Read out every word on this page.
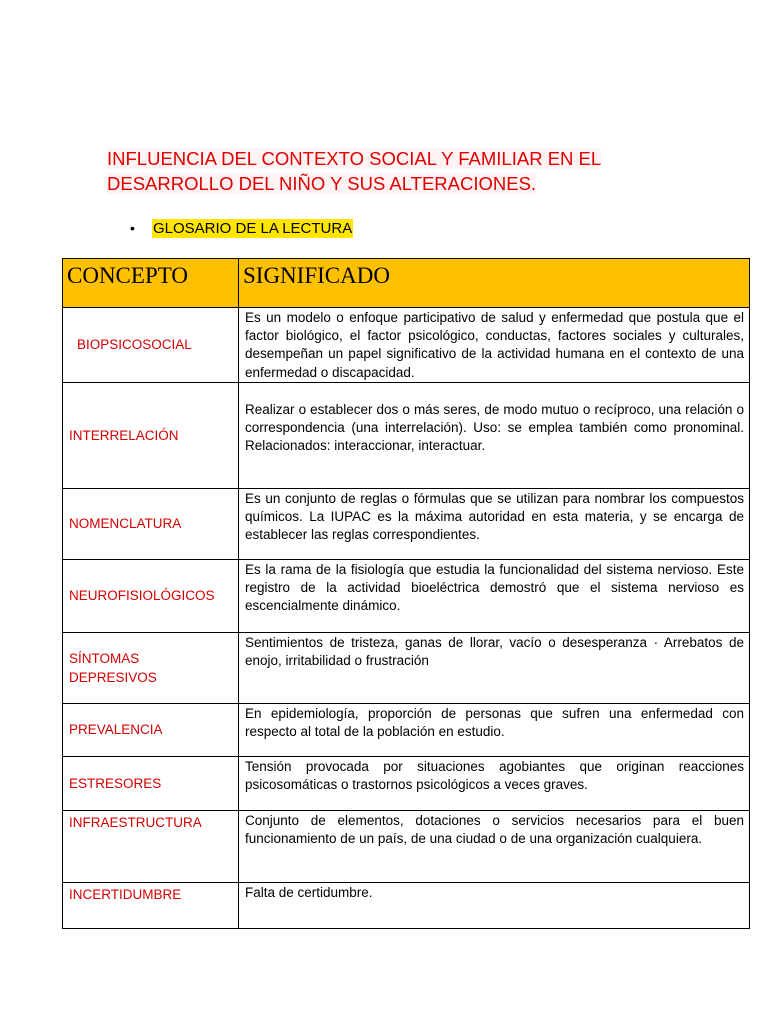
INFLUENCIA DEL CONTEXTO SOCIAL Y FAMILIAR EN EL
DESARROLLO DEL NIÑO Y SUS ALTERACIONES.
• GLOSARIO DE LA LECTURA
CONCEPTO	SIGNIFICADO

BIOPSICOSOCIAL	Es un modelo o enfoque participativo de salud y enfermedad que postula que el factor biológico, el factor psicológico, conductas, factores sociales y culturales, desempeñan un papel significativo de la actividad humana en el contexto de una enfermedad o discapacidad.

INTERRELACIÓN	Realizar o establecer dos o más seres, de modo mutuo o recíproco, una relación o correspondencia (una interrelación). Uso: se emplea también como pronominal. Relacionados: interaccionar, interactuar.

NOMENCLATURA	Es un conjunto de reglas o fórmulas que se utilizan para nombrar los compuestos químicos. La IUPAC es la máxima autoridad en esta materia, y se encarga de establecer las reglas correspondientes.

NEUROFISIOLÓGICOS	Es la rama de la fisiología que estudia la funcionalidad del sistema nervioso. Este registro de la actividad bioeléctrica demostró que el sistema nervioso es escencialmente dinámico.

SÍNTOMAS DEPRESIVOS	Sentimientos de tristeza, ganas de llorar, vacío o desesperanza · Arrebatos de enojo, irritabilidad o frustración

PREVALENCIA	En epidemiología, proporción de personas que sufren una enfermedad con respecto al total de la población en estudio.

ESTRESORES	Tensión provocada por situaciones agobiantes que originan reacciones psicosomáticas o trastornos psicológicos a veces graves.

INFRAESTRUCTURA	Conjunto de elementos, dotaciones o servicios necesarios para el buen funcionamiento de un país, de una ciudad o de una organización cualquiera.

INCERTIDUMBRE	Falta de certidumbre.
